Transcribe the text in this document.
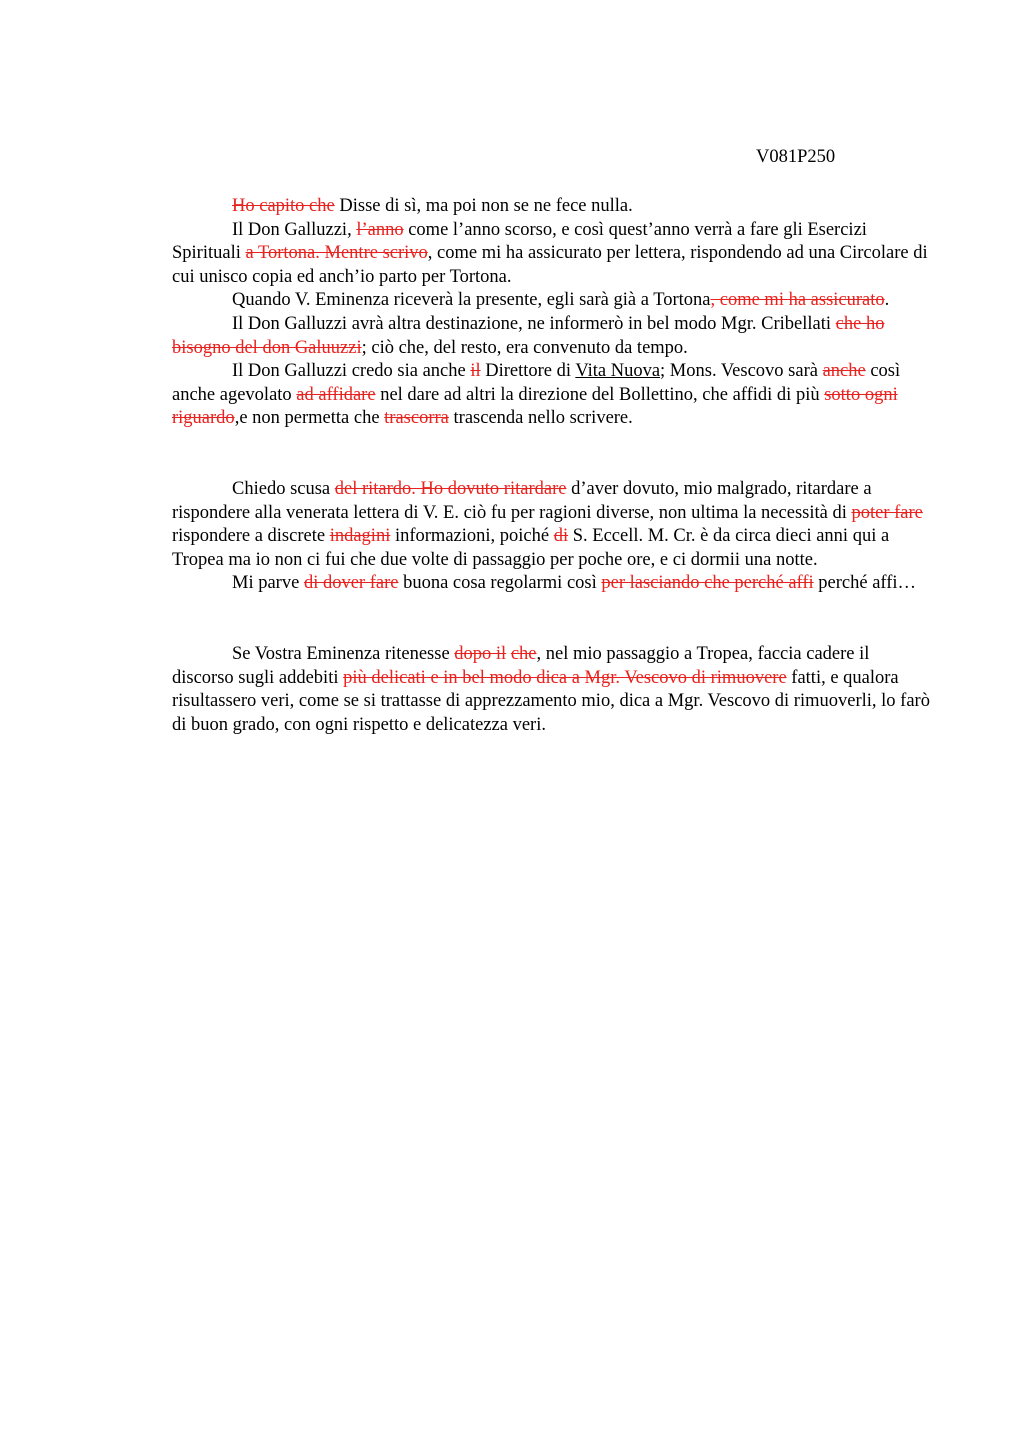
V081P250

Ho capito che Disse di sì, ma poi non se ne fece nulla.

Il Don Galluzzi, l’anno come l’anno scorso, e così quest’anno verrà a fare gli Esercizi Spirituali a Tortona. Mentre scrivo, come mi ha assicurato per lettera, rispondendo ad una Circolare di cui unisco copia ed anch’io parto per Tortona.

Quando V. Eminenza riceverà la presente, egli sarà già a Tortona, come mi ha assicurato.

Il Don Galluzzi avrà altra destinazione, ne informerò in bel modo Mgr. Cribellati che ho bisogno del don Galuuzzi; ciò che, del resto, era convenuto da tempo.

Il Don Galluzzi credo sia anche il Direttore di Vita Nuova; Mons. Vescovo sarà anche così anche agevolato ad affidare nel dare ad altri la direzione del Bollettino, che affidi di più sotto ogni riguardo,e non permetta che trascorra trascenda nello scrivere.

Chiedo scusa del ritardo. Ho dovuto ritardare d’aver dovuto, mio malgrado, ritardare a rispondere alla venerata lettera di V. E. ciò fu per ragioni diverse, non ultima la necessità di poter fare rispondere a discrete indagini informazioni, poiché di S. Eccell. M. Cr. è da circa dieci anni qui a Tropea ma io non ci fui che due volte di passaggio per poche ore, e ci dormii una notte.

Mi parve di dover fare buona cosa regolarmi così per lasciando che perché affi perché affi…

Se Vostra Eminenza ritenesse dopo il che, nel mio passaggio a Tropea, faccia cadere il discorso sugli addebiti più delicati e in bel modo dica a Mgr. Vescovo di rimuovere fatti, e qualora risultassero veri, come se si trattasse di apprezzamento mio, dica a Mgr. Vescovo di rimuoverli, lo farò di buon grado, con ogni rispetto e delicatezza veri.
